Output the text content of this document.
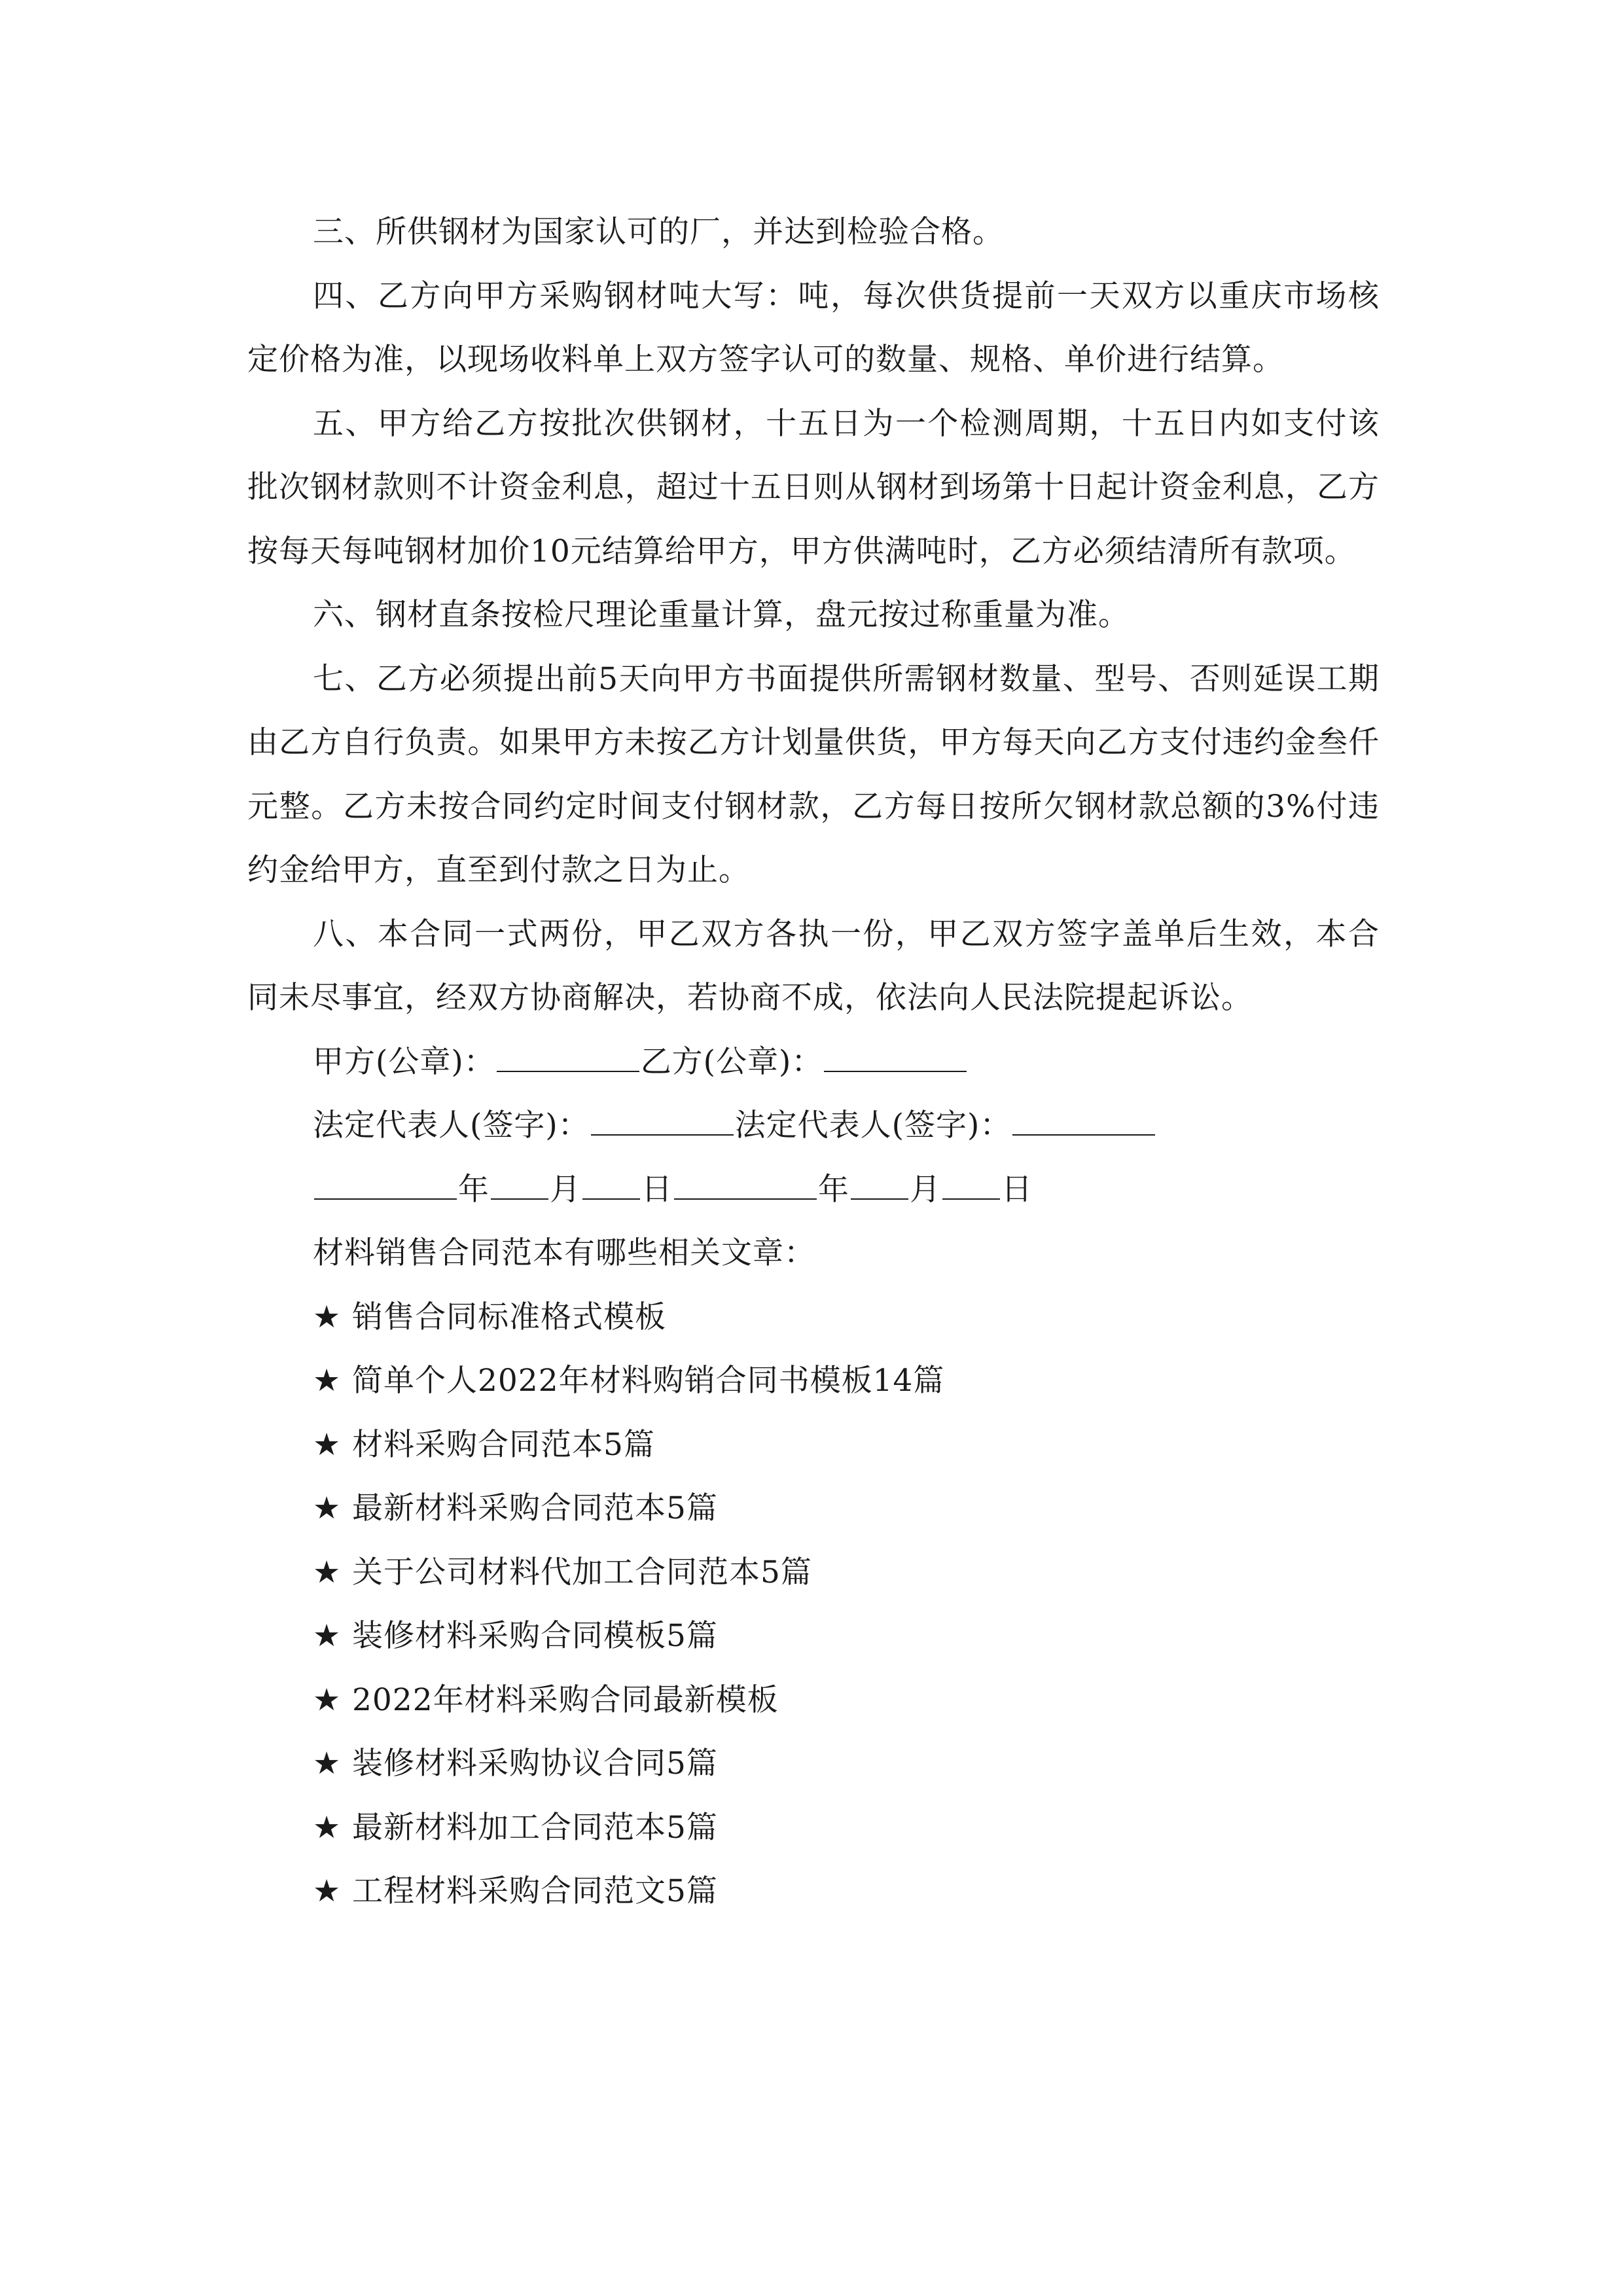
三、所供钢材为国家认可的厂，并达到检验合格。

四、乙方向甲方采购钢材吨大写：吨，每次供货提前一天双方以重庆市场核定价格为准，以现场收料单上双方签字认可的数量、规格、单价进行结算。

五、甲方给乙方按批次供钢材，十五日为一个检测周期，十五日内如支付该批次钢材款则不计资金利息，超过十五日则从钢材到场第十日起计资金利息，乙方按每天每吨钢材加价10元结算给甲方，甲方供满吨时，乙方必须结清所有款项。

六、钢材直条按检尺理论重量计算，盘元按过称重量为准。

七、乙方必须提出前5天向甲方书面提供所需钢材数量、型号、否则延误工期由乙方自行负责。如果甲方未按乙方计划量供货，甲方每天向乙方支付违约金叁仟元整。乙方未按合同约定时间支付钢材款，乙方每日按所欠钢材款总额的3%付违约金给甲方，直至到付款之日为止。

八、本合同一式两份，甲乙双方各执一份，甲乙双方签字盖单后生效，本合同未尽事宜，经双方协商解决，若协商不成，依法向人民法院提起诉讼。

甲方(公章)：	乙方(公章)：

法定代表人(签字)：	法定代表人(签字)：

年 月 日	年 月 日

材料销售合同范本有哪些相关文章：

★ 销售合同标准格式模板
★ 简单个人2022年材料购销合同书模板14篇
★ 材料采购合同范本5篇
★ 最新材料采购合同范本5篇
★ 关于公司材料代加工合同范本5篇
★ 装修材料采购合同模板5篇
★ 2022年材料采购合同最新模板
★ 装修材料采购协议合同5篇
★ 最新材料加工合同范本5篇
★ 工程材料采购合同范文5篇
